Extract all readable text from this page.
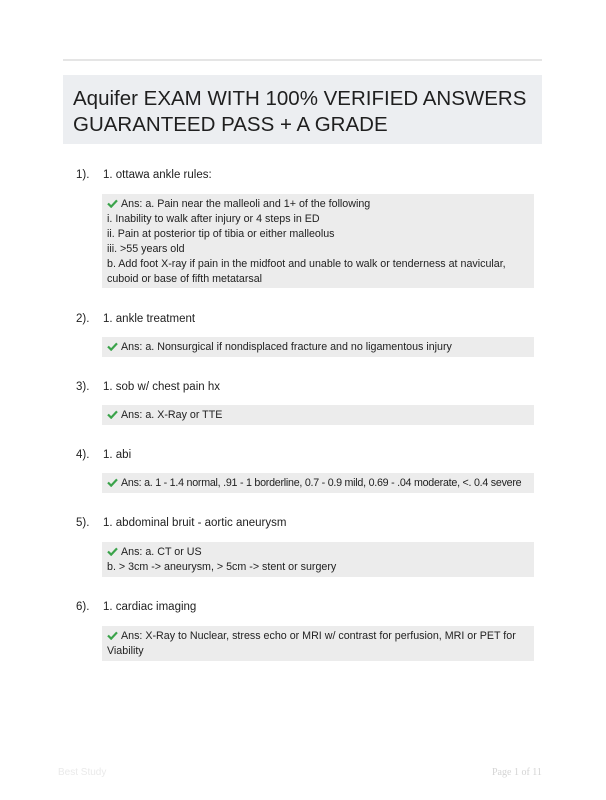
Aquifer EXAM WITH 100% VERIFIED ANSWERS
GUARANTEED PASS + A GRADE
1). 1. ottawa ankle rules:
Ans: a. Pain near the malleoli and 1+ of the following
i. Inability to walk after injury or 4 steps in ED
ii. Pain at posterior tip of tibia or either malleolus
iii. >55 years old
b. Add foot X-ray if pain in the midfoot and unable to walk or tenderness at navicular, cuboid or base of fifth metatarsal
2). 1. ankle treatment
Ans: a. Nonsurgical if nondisplaced fracture and no ligamentous injury
3). 1. sob w/ chest pain hx
Ans: a. X-Ray or TTE
4). 1. abi
Ans: a. 1 - 1.4 normal, .91 - 1 borderline, 0.7 - 0.9 mild, 0.69 - .04 moderate, <. 0.4 severe
5). 1. abdominal bruit - aortic aneurysm
Ans: a. CT or US
b. > 3cm -> aneurysm, > 5cm -> stent or surgery
6). 1. cardiac imaging
Ans: X-Ray to Nuclear, stress echo or MRI w/ contrast for perfusion, MRI or PET for Viability
Best Study	Page 1 of 11
